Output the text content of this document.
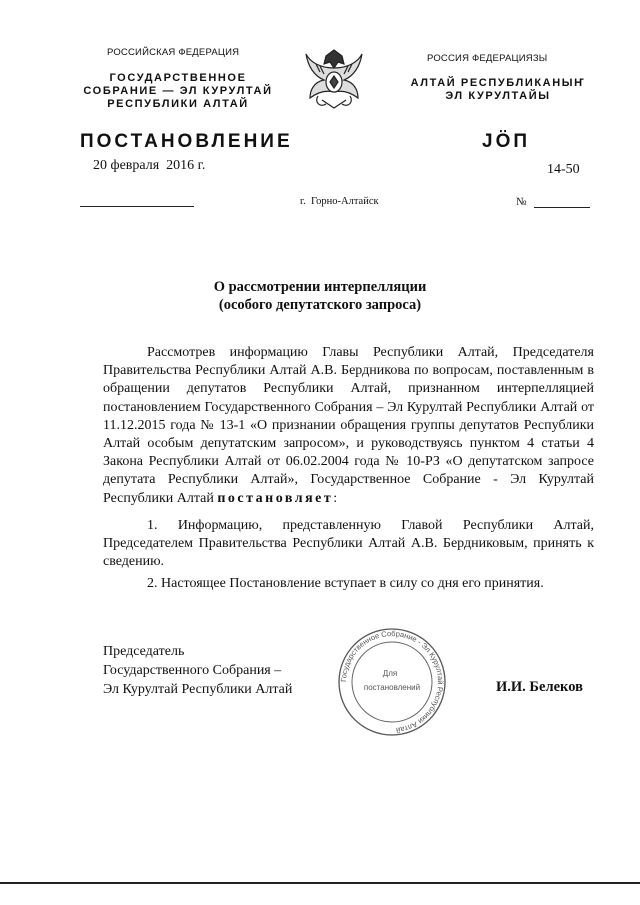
РОССИЙСКАЯ ФЕДЕРАЦИЯ
ГОСУДАРСТВЕННОЕ
СОБРАНИЕ — ЭЛ КУРУЛТАЙ
РЕСПУБЛИКИ АЛТАЙ
РОССИЯ ФЕДЕРАЦИЯЗЫ
АЛТАЙ РЕСПУБЛИКАНЫҤ
ЭЛ КУРУЛТАЙЫ
ПОСТАНОВЛЕНИЕ	JÖП
20 февраля  2016 г.	14-50
г.  Горно-Алтайск	№
О рассмотрении интерпелляции
(особого депутатского запроса)
Рассмотрев информацию Главы Республики Алтай, Председателя Правительства Республики Алтай А.В. Бердникова по вопросам, поставленным в обращении депутатов Республики Алтай, признанном интерпелляцией постановлением Государственного Собрания – Эл Курултай Республики Алтай от 11.12.2015 года № 13-1 «О признании обращения группы депутатов Республики Алтай особым депутатским запросом», и руководствуясь пунктом 4 статьи 4 Закона Республики Алтай от 06.02.2004 года № 10-РЗ «О депутатском запросе депутата Республики Алтай», Государственное Собрание - Эл Курултай Республики Алтай постановляет:
1. Информацию, представленную Главой Республики Алтай, Председателем Правительства Республики Алтай А.В. Бердниковым, принять к сведению.
2. Настоящее Постановление вступает в силу со дня его принятия.
Председатель
Государственного Собрания –
Эл Курултай Республики Алтай	И.И. Белеков
Государственное Собрание - Эл Курултай Республики Алтай
Для
постановлений
